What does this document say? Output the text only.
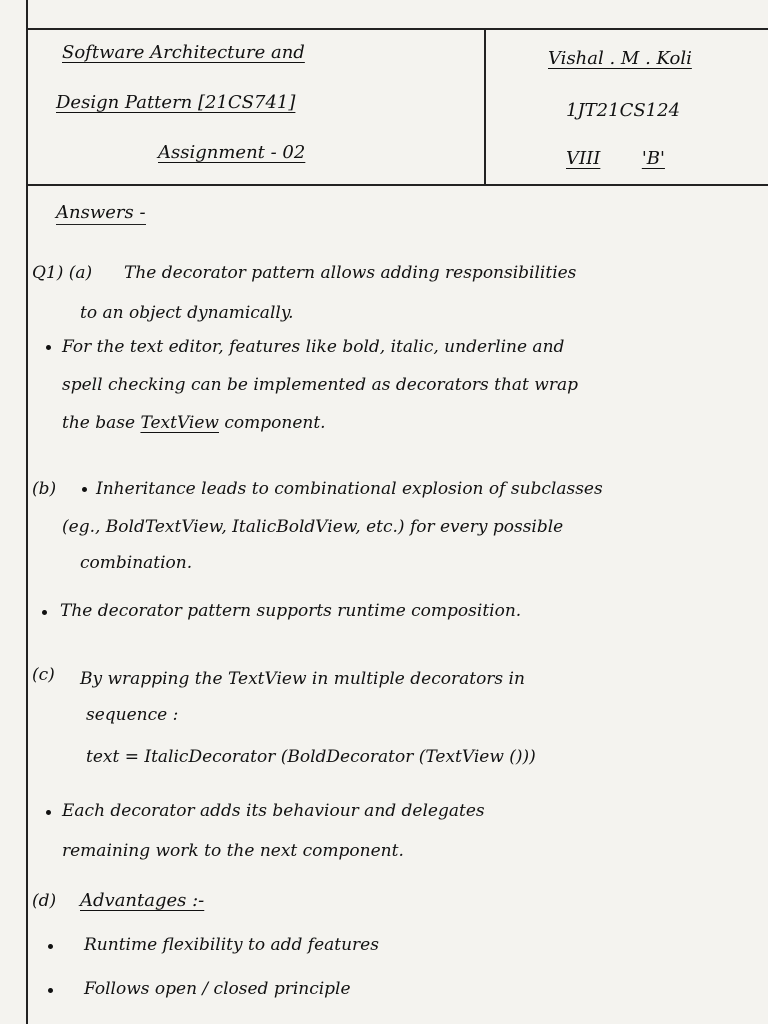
Software Architecture and
Design Pattern [21CS741]
Assignment - 02
Vishal . M . Koli
1JT21CS124
VIII 'B'
Answers -
Q1) (a) The decorator pattern allows adding responsibilities
to an object dynamically.
For the text editor, features like bold, italic, underline and
spell checking can be implemented as decorators that wrap
the base TextView component.
(b) Inheritance leads to combinational explosion of subclasses
(eg., BoldTextView, ItalicBoldView, etc.) for every possible
combination.
The decorator pattern supports runtime composition.
(c) By wrapping the TextView in multiple decorators in
sequence :
text = ItalicDecorator (BoldDecorator (TextView ()))
Each decorator adds its behaviour and delegates
remaining work to the next component.
(d) Advantages :-
Runtime flexibility to add features
Follows open / closed principle
